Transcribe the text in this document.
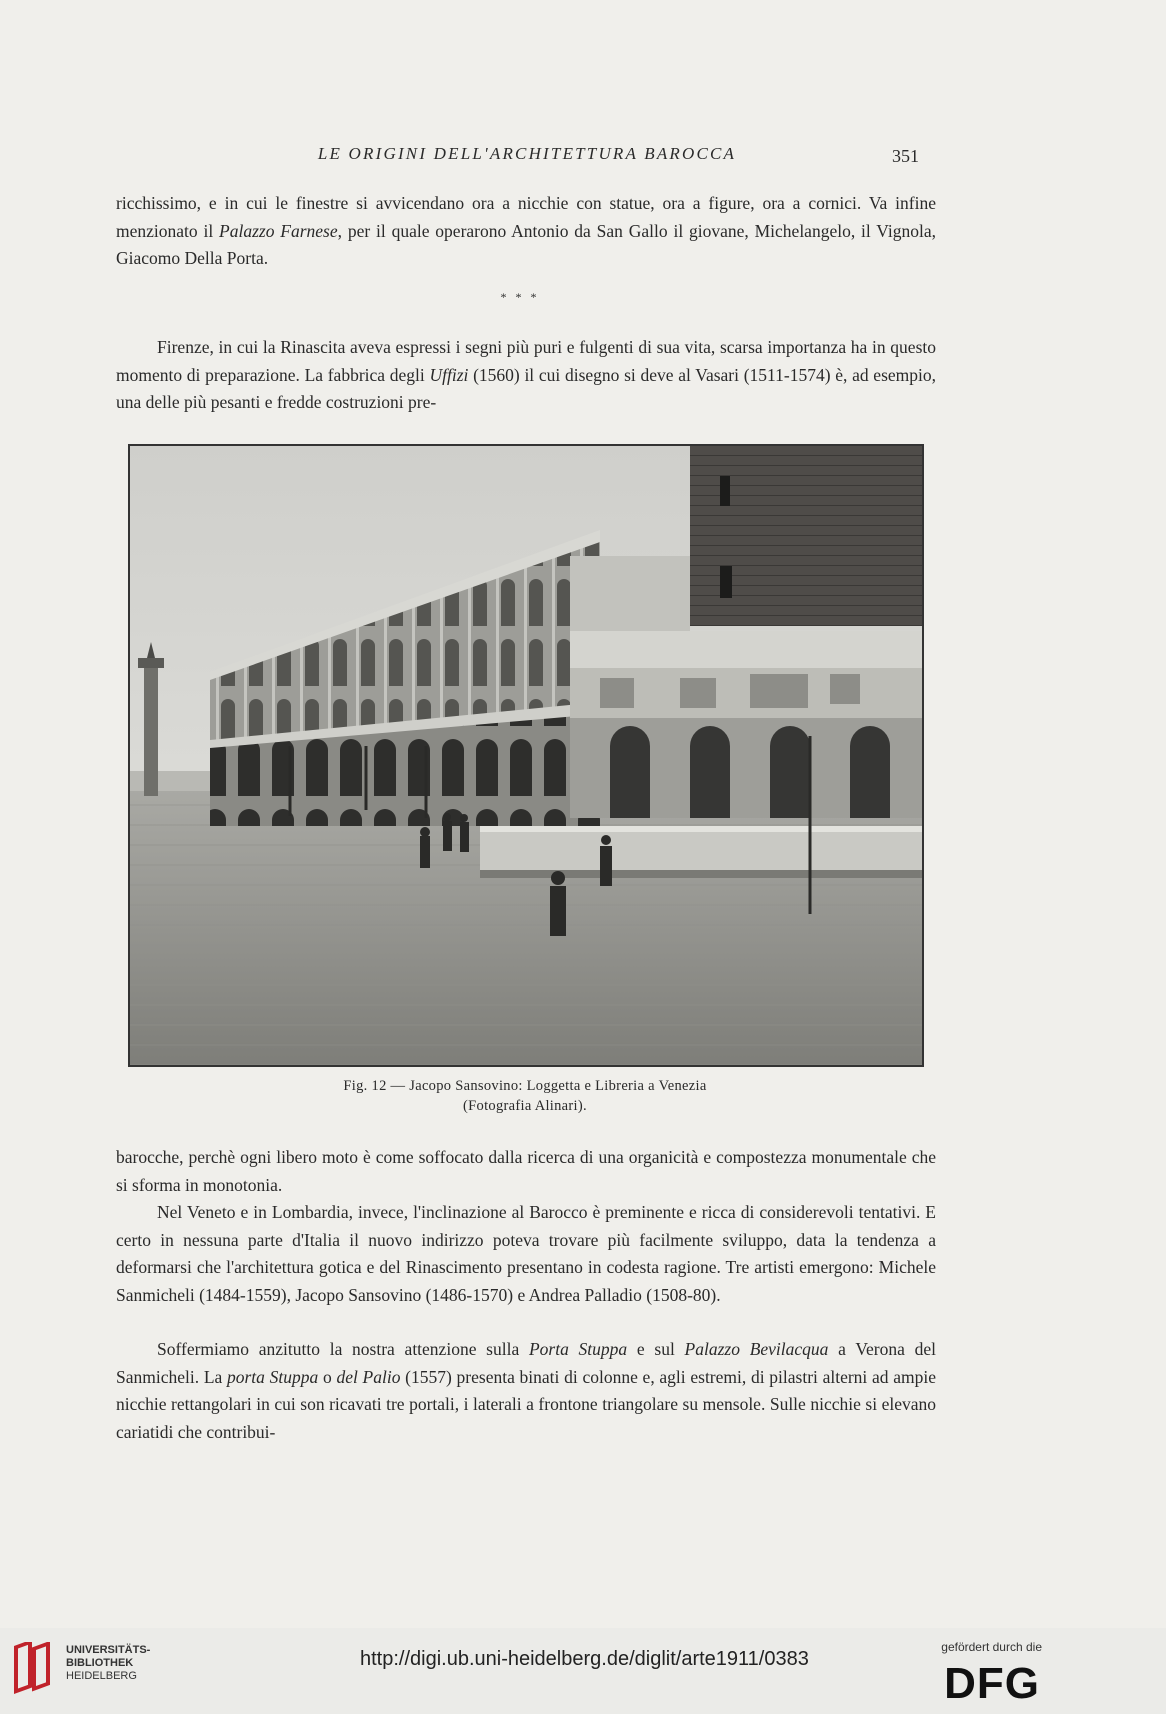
LE ORIGINI DELL'ARCHITETTURA BAROCCA	351

ricchissimo, e in cui le finestre si avvicendano ora a nicchie con statue, ora a figure, ora a cornici. Va infine menzionato il Palazzo Farnese, per il quale operarono Antonio da San Gallo il giovane, Michelangelo, il Vignola, Giacomo Della Porta.

* * *

Firenze, in cui la Rinascita aveva espressi i segni più puri e fulgenti di sua vita, scarsa importanza ha in questo momento di preparazione. La fabbrica degli Uffizi (1560) il cui disegno si deve al Vasari (1511-1574) è, ad esempio, una delle più pesanti e fredde costruzioni pre-

Fig. 12 — Jacopo Sansovino: Loggetta e Libreria a Venezia
(Fotografia Alinari).

barocche, perchè ogni libero moto è come soffocato dalla ricerca di una organicità e compostezza monumentale che si sforma in monotonia.

Nel Veneto e in Lombardia, invece, l'inclinazione al Barocco è preminente e ricca di considerevoli tentativi. E certo in nessuna parte d'Italia il nuovo indirizzo poteva trovare più facilmente sviluppo, data la tendenza a deformarsi che l'architettura gotica e del Rinascimento presentano in codesta ragione. Tre artisti emergono: Michele Sanmicheli (1484-1559), Jacopo Sansovino (1486-1570) e Andrea Palladio (1508-80).

Soffermiamo anzitutto la nostra attenzione sulla Porta Stuppa e sul Palazzo Bevilacqua a Verona del Sanmicheli. La porta Stuppa o del Palio (1557) presenta binati di colonne e, agli estremi, di pilastri alterni ad ampie nicchie rettangolari in cui son ricavati tre portali, i laterali a frontone triangolare su mensole. Sulle nicchie si elevano cariatidi che contribui-

UNIVERSITÄTS-
BIBLIOTHEK
HEIDELBERG
http://digi.ub.uni-heidelberg.de/diglit/arte1911/0383
gefördert durch die
DFG
